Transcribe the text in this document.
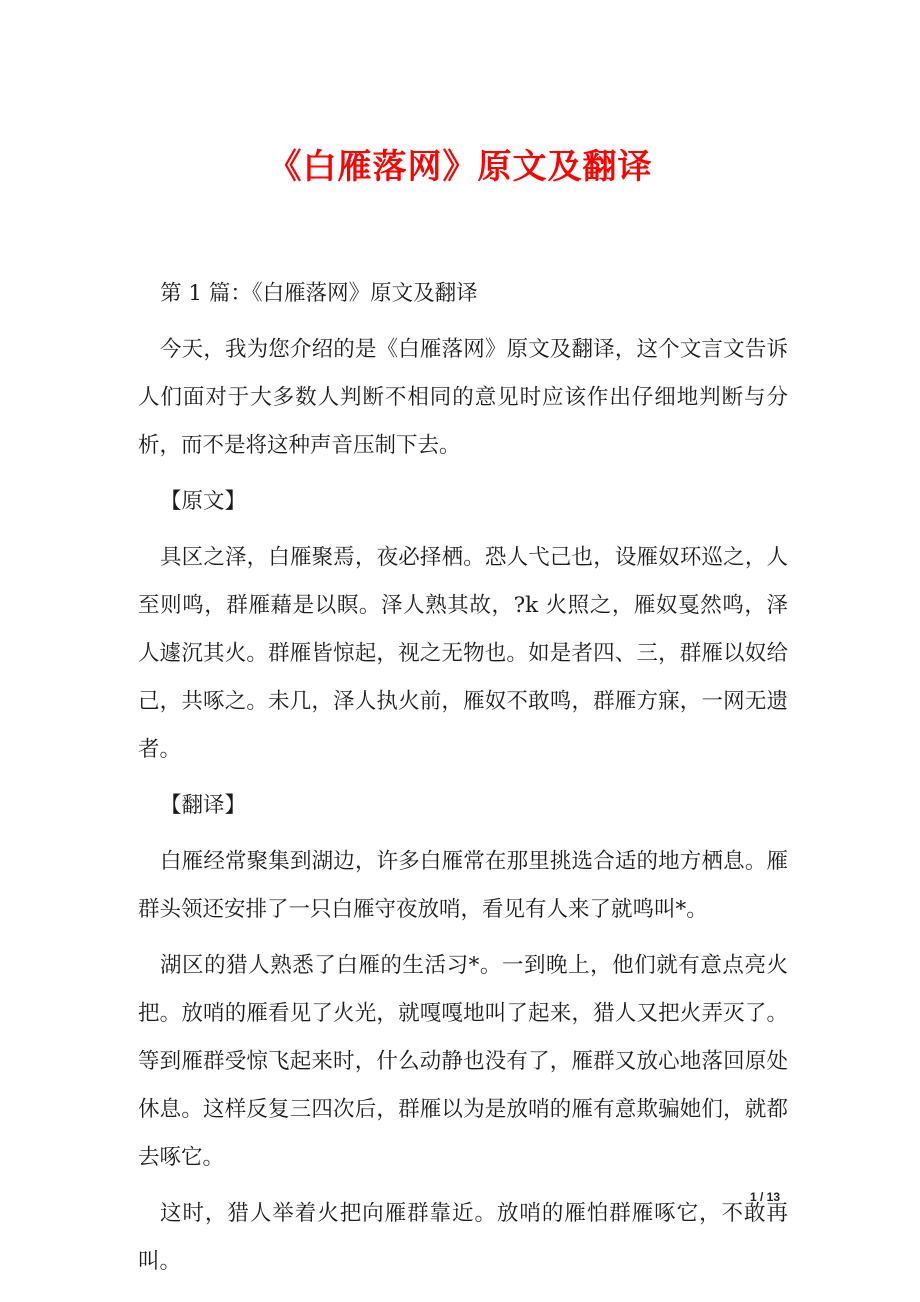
《白雁落网》原文及翻译

第 1 篇：《白雁落网》原文及翻译

今天，我为您介绍的是《白雁落网》原文及翻译，这个文言文告诉人们面对于大多数人判断不相同的意见时应该作出仔细地判断与分析，而不是将这种声音压制下去。

【原文】

具区之泽，白雁聚焉，夜必择栖。恐人弋己也，设雁奴环巡之，人至则鸣，群雁藉是以瞑。泽人熟其故，?k 火照之，雁奴戛然鸣，泽人遽沉其火。群雁皆惊起，视之无物也。如是者四、三，群雁以奴给己，共啄之。未几，泽人执火前，雁奴不敢鸣，群雁方寐，一网无遗者。

【翻译】

白雁经常聚集到湖边，许多白雁常在那里挑选合适的地方栖息。雁群头领还安排了一只白雁守夜放哨，看见有人来了就鸣叫*。

湖区的猎人熟悉了白雁的生活习*。一到晚上，他们就有意点亮火把。放哨的雁看见了火光，就嘎嘎地叫了起来，猎人又把火弄灭了。等到雁群受惊飞起来时，什么动静也没有了，雁群又放心地落回原处休息。这样反复三四次后，群雁以为是放哨的雁有意欺骗她们，就都去啄它。

这时，猎人举着火把向雁群靠近。放哨的雁怕群雁啄它，不敢再叫。

1 / 13
